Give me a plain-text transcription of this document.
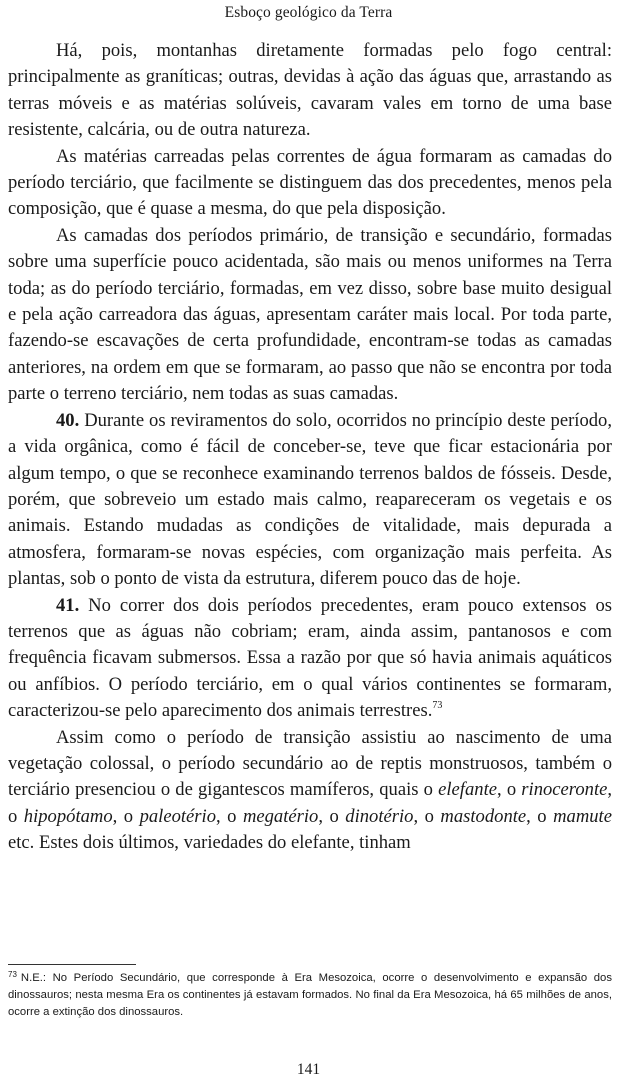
Esboço geológico da Terra

Há, pois, montanhas diretamente formadas pelo fogo central: principalmente as graníticas; outras, devidas à ação das águas que, arrastando as terras móveis e as matérias solúveis, cavaram vales em torno de uma base resistente, calcária, ou de outra natureza.

As matérias carreadas pelas correntes de água formaram as camadas do período terciário, que facilmente se distinguem das dos precedentes, menos pela composição, que é quase a mesma, do que pela disposição.

As camadas dos períodos primário, de transição e secundário, formadas sobre uma superfície pouco acidentada, são mais ou menos uniformes na Terra toda; as do período terciário, formadas, em vez disso, sobre base muito desigual e pela ação carreadora das águas, apresentam caráter mais local. Por toda parte, fazendo-se escavações de certa profundidade, encontram-se todas as camadas anteriores, na ordem em que se formaram, ao passo que não se encontra por toda parte o terreno terciário, nem todas as suas camadas.

40. Durante os reviramentos do solo, ocorridos no princípio deste período, a vida orgânica, como é fácil de conceber-se, teve que ficar estacionária por algum tempo, o que se reconhece examinando terrenos baldos de fósseis. Desde, porém, que sobreveio um estado mais calmo, reapareceram os vegetais e os animais. Estando mudadas as condições de vitalidade, mais depurada a atmosfera, formaram-se novas espécies, com organização mais perfeita. As plantas, sob o ponto de vista da estrutura, diferem pouco das de hoje.

41. No correr dos dois períodos precedentes, eram pouco extensos os terrenos que as águas não cobriam; eram, ainda assim, pantanosos e com frequência ficavam submersos. Essa a razão por que só havia animais aquáticos ou anfíbios. O período terciário, em o qual vários continentes se formaram, caracterizou-se pelo aparecimento dos animais terrestres.$^{73}$

Assim como o período de transição assistiu ao nascimento de uma vegetação colossal, o período secundário ao de reptis monstruosos, também o terciário presenciou o de gigantescos mamíferos, quais o elefante, o rinoceronte, o hipopótamo, o paleotério, o megatério, o dinotério, o mastodonte, o mamute etc. Estes dois últimos, variedades do elefante, tinham

$^{73}$ N.E.: No Período Secundário, que corresponde à Era Mesozoica, ocorre o desenvolvimento e expansão dos dinossauros; nesta mesma Era os continentes já estavam formados. No final da Era Mesozoica, há 65 milhões de anos, ocorre a extinção dos dinossauros.
141
